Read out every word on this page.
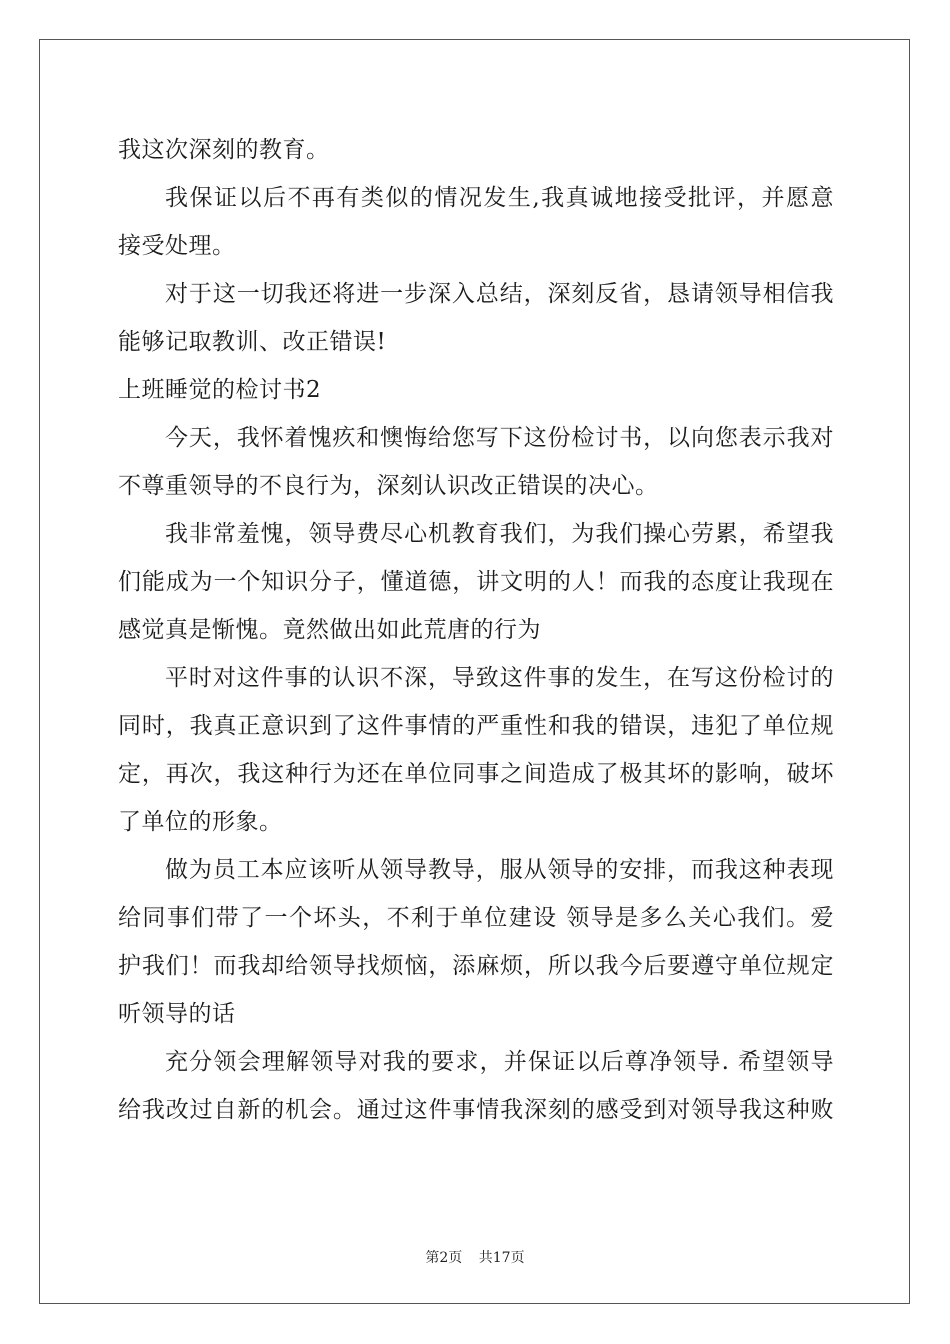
我这次深刻的教育。
我保证以后不再有类似的情况发生,我真诚地接受批评，并愿意
接受处理。
对于这一切我还将进一步深入总结，深刻反省，恳请领导相信我
能够记取教训、改正错误!
上班睡觉的检讨书2
今天，我怀着愧疚和懊悔给您写下这份检讨书，以向您表示我对
不尊重领导的不良行为，深刻认识改正错误的决心。
我非常羞愧，领导费尽心机教育我们，为我们操心劳累，希望我
们能成为一个知识分子，懂道德，讲文明的人！而我的态度让我现在
感觉真是惭愧。竟然做出如此荒唐的行为
平时对这件事的认识不深，导致这件事的发生，在写这份检讨的
同时，我真正意识到了这件事情的严重性和我的错误，违犯了单位规
定，再次，我这种行为还在单位同事之间造成了极其坏的影响，破坏
了单位的形象。
做为员工本应该听从领导教导，服从领导的安排，而我这种表现
给同事们带了一个坏头，不利于单位建设 领导是多么关心我们。爱
护我们！而我却给领导找烦恼，添麻烦，所以我今后要遵守单位规定
听领导的话
充分领会理解领导对我的要求，并保证以后尊净领导. 希望领导
给我改过自新的机会。通过这件事情我深刻的感受到对领导我这种败
第2页 共17页
